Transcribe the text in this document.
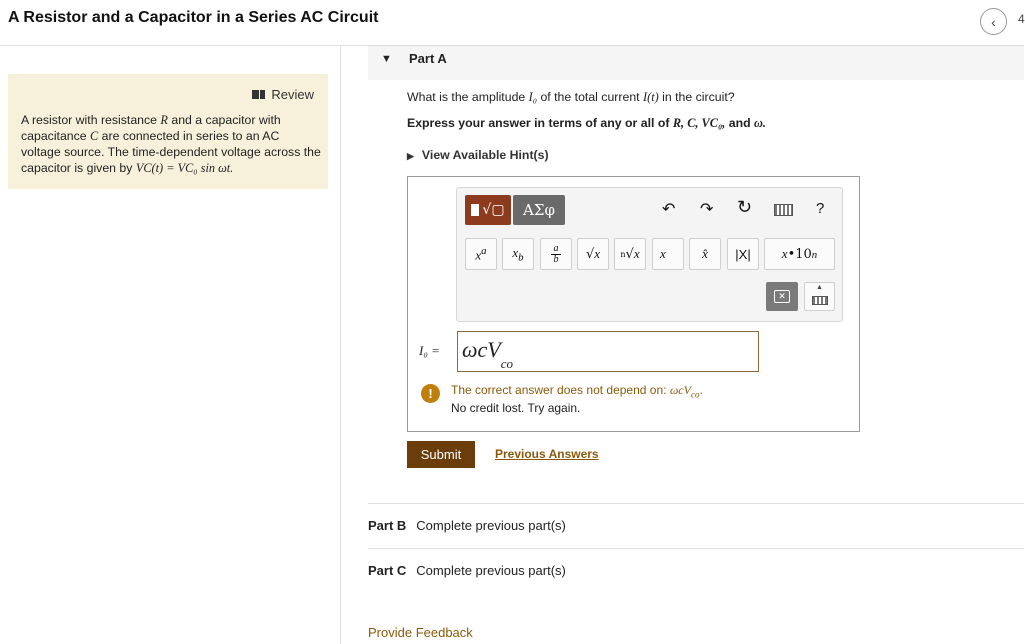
A Resistor and a Capacitor in a Series AC Circuit	‹	4
Review
A resistor with resistance R and a capacitor with capacitance C are connected in series to an AC voltage source. The time-dependent voltage across the capacitor is given by VC(t) = VC₀ sin ωt.
▼ Part A
What is the amplitude I₀ of the total current I(t) in the circuit?
Express your answer in terms of any or all of R, C, VC₀, and ω.
▶ View Available Hint(s)
√▢	ΑΣφ	↶ ↷ ↻	?
$x^a$ $x_b$
a
b	√ x	n √ x x⃗ x̂	|X|	x •10 n
✕
▲
I₀ = ωcV$_{co}$
!	The correct answer does not depend on: ωcV$_{co}$.
No credit lost. Try again.
Submit	Previous Answers
Part B Complete previous part(s)
Part C Complete previous part(s)
Provide Feedback
